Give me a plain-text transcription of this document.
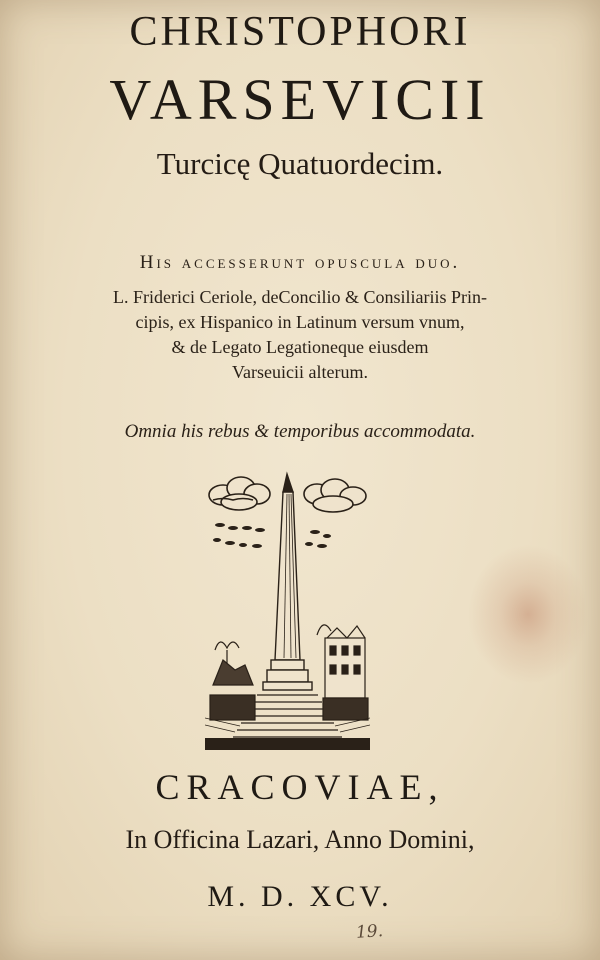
CHRISTOPHORI
VARSEVICII
Turcicę Quatuordecim.
His accesserunt opuscula duo.
L. Friderici Ceriole, deConcilio & Consiliariis Prin-
cipis, ex Hispanico in Latinum versum vnum,
& de Legato Legationeque eiusdem
Varseuicii alterum.
Omnia his rebus & temporibus accommodata.
CRACOVIAE,
In Officina Lazari, Anno Domini,
M. D. XCV.
19.
